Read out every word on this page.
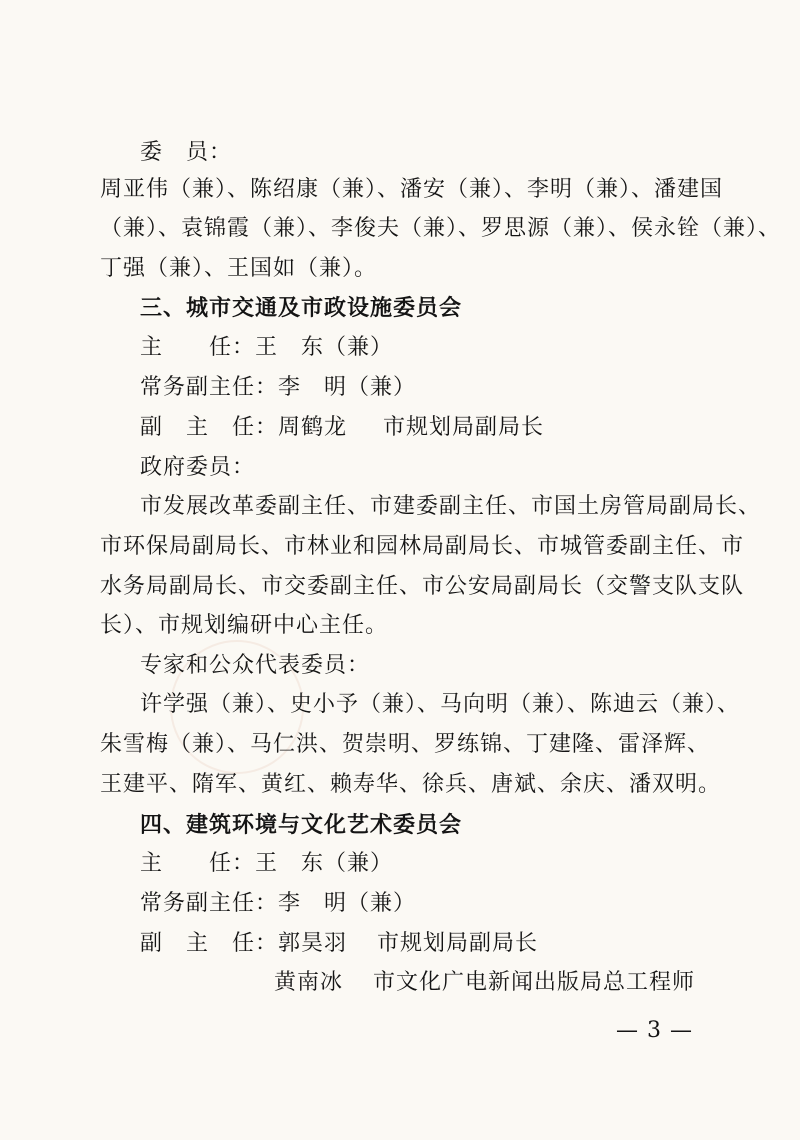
委　员：
周亚伟（兼）、陈绍康（兼）、潘安（兼）、李明（兼）、潘建国
（兼）、袁锦霞（兼）、李俊夫（兼）、罗思源（兼）、侯永铨（兼）、
丁强（兼）、王国如（兼）。
三、城市交通及市政设施委员会
主　　任：王　东（兼）
常务副主任：李　明（兼）
副　主　任：周鹤龙 市规划局副局长
政府委员：
市发展改革委副主任、市建委副主任、市国土房管局副局长、
市环保局副局长、市林业和园林局副局长、市城管委副主任、市
水务局副局长、市交委副主任、市公安局副局长（交警支队支队
长）、市规划编研中心主任。
专家和公众代表委员：
许学强（兼）、史小予（兼）、马向明（兼）、陈迪云（兼）、
朱雪梅（兼）、马仁洪、贺崇明、罗练锦、丁建隆、雷泽辉、
王建平、隋军、黄红、赖寿华、徐兵、唐斌、余庆、潘双明。
四、建筑环境与文化艺术委员会
主　　任：王　东（兼）
常务副主任：李　明（兼）
副　主　任：郭昊羽 市规划局副局长
黄南冰 市文化广电新闻出版局总工程师
— 3 —
